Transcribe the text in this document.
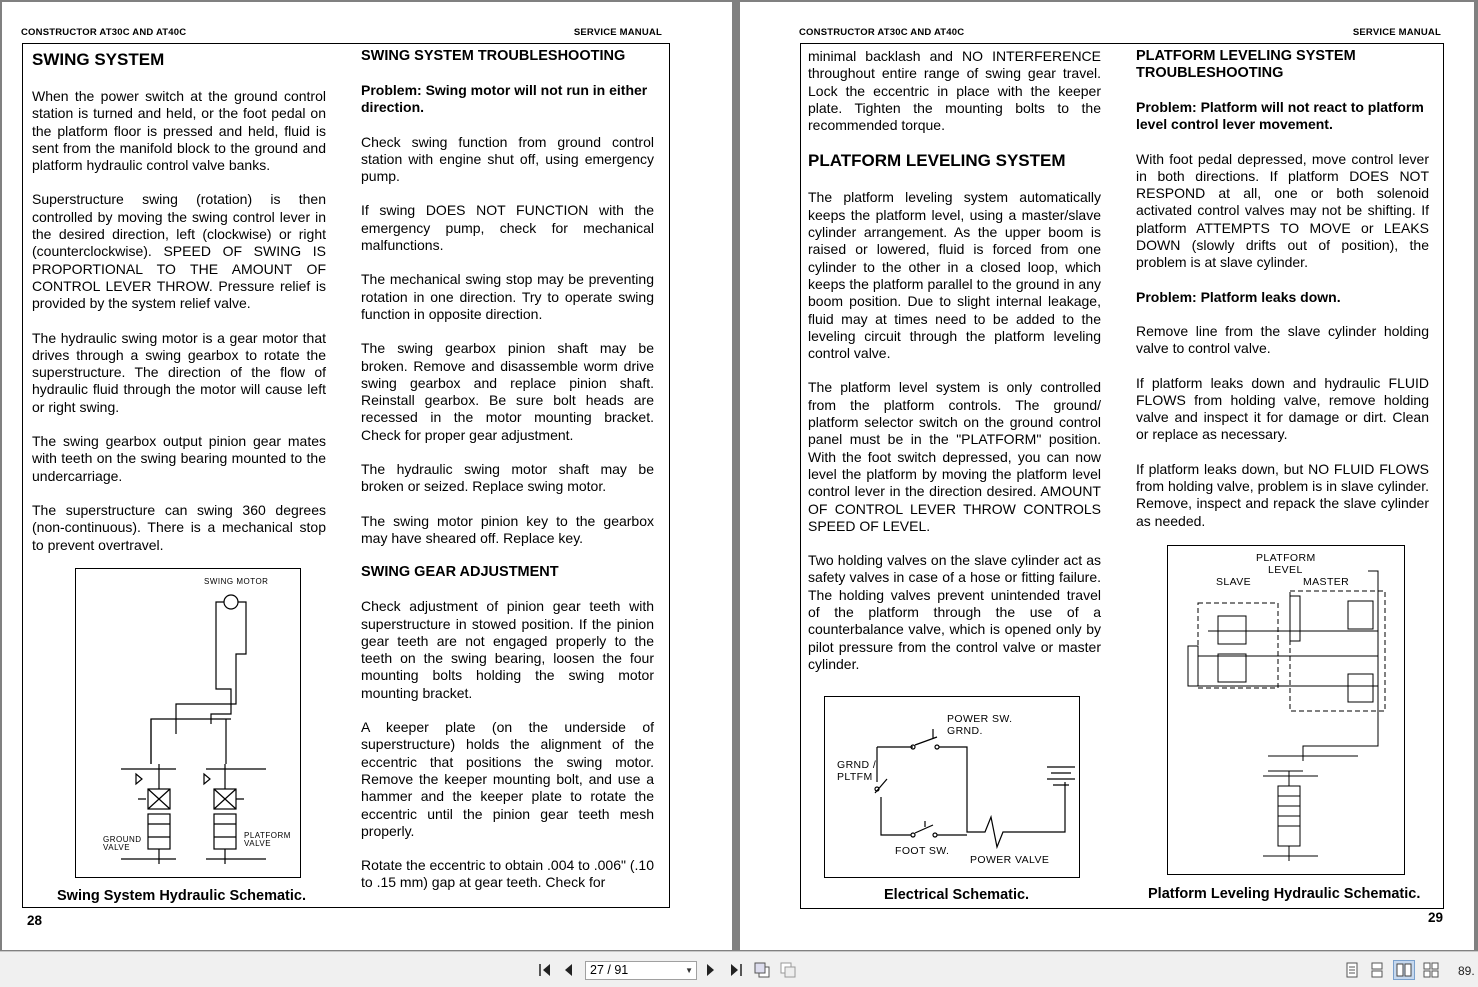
CONSTRUCTOR AT30C AND AT40C	SERVICE MANUAL
SWING SYSTEM

When the power switch at the ground control station is turned and held, or the foot pedal on the platform floor is pressed and held, fluid is sent from the manifold block to the ground and platform hydraulic control valve banks.

Superstructure swing (rotation) is then controlled by moving the swing control lever in the desired direction, left (clockwise) or right (counterclockwise). SPEED OF SWING IS PROPORTIONAL TO THE AMOUNT OF CONTROL LEVER THROW. Pressure relief is provided by the system relief valve.

The hydraulic swing motor is a gear motor that drives through a swing gearbox to rotate the superstructure. The direction of the flow of hydraulic fluid through the motor will cause left or right swing.

The swing gearbox output pinion gear mates with teeth on the swing bearing mounted to the undercarriage.

The superstructure can swing 360 degrees (non-continuous). There is a mechanical stop to prevent overtravel.

SWING MOTOR
GROUND
VALVE
PLATFORM
VALVE
Swing System Hydraulic Schematic.
SWING SYSTEM TROUBLESHOOTING
Problem: Swing motor will not run in either direction.

Check swing function from ground control station with engine shut off, using emergency pump.

If swing DOES NOT FUNCTION with the emergency pump, check for mechanical malfunctions.

The mechanical swing stop may be preventing rotation in one direction. Try to operate swing function in opposite direction.

The swing gearbox pinion shaft may be broken. Remove and disassemble worm drive swing gearbox and replace pinion shaft. Reinstall gearbox. Be sure bolt heads are recessed in the motor mounting bracket. Check for proper gear adjustment.

The hydraulic swing motor shaft may be broken or seized. Replace swing motor.

The swing motor pinion key to the gearbox may have sheared off. Replace key.

SWING GEAR ADJUSTMENT

Check adjustment of pinion gear teeth with superstructure in stowed position. If the pinion gear teeth are not engaged properly to the teeth on the swing bearing, loosen the four mounting bolts holding the swing motor mounting bracket.

A keeper plate (on the underside of superstructure) holds the alignment of the eccentric that positions the swing motor. Remove the keeper mounting bolt, and use a hammer and the keeper plate to rotate the eccentric until the pinion gear teeth mesh properly.

Rotate the eccentric to obtain .004 to .006" (.10 to .15 mm) gap at gear teeth. Check for

28
CONSTRUCTOR AT30C AND AT40C	SERVICE MANUAL

minimal backlash and NO INTERFERENCE throughout entire range of swing gear travel. Lock the eccentric in place with the keeper plate. Tighten the mounting bolts to the recommended torque.

PLATFORM LEVELING SYSTEM

The platform leveling system automatically keeps the platform level, using a master/slave cylinder arrangement. As the upper boom is raised or lowered, fluid is forced from one cylinder to the other in a closed loop, which keeps the platform parallel to the ground in any boom position. Due to slight internal leakage, fluid may at times need to be added to the leveling circuit through the platform leveling control valve.

The platform level system is only controlled from the platform controls. The ground/ platform selector switch on the ground control panel must be in the "PLATFORM" position. With the foot switch depressed, you can now level the platform by moving the platform level control lever in the direction desired. AMOUNT OF CONTROL LEVER THROW CONTROLS SPEED OF LEVEL.

Two holding valves on the slave cylinder act as safety valves in case of a hose or fitting failure. The holding valves prevent unintended travel of the platform through the use of a counterbalance valve, which is opened only by pilot pressure from the control valve or master cylinder.

POWER SW.
GRND.
GRND /
PLTFM
FOOT SW.
POWER VALVE
Electrical Schematic.
PLATFORM LEVELING SYSTEM TROUBLESHOOTING
Problem: Platform will not react to platform level control lever movement.

With foot pedal depressed, move control lever in both directions. If platform DOES NOT RESPOND at all, one or both solenoid activated control valves may not be shifting. If platform ATTEMPTS TO MOVE or LEAKS DOWN (slowly drifts out of position), the problem is at slave cylinder.

Problem: Platform leaks down.

Remove line from the slave cylinder holding valve to control valve.

If platform leaks down and hydraulic FLUID FLOWS from holding valve, remove holding valve and inspect it for damage or dirt. Clean or replace as necessary.

If platform leaks down, but NO FLUID FLOWS from holding valve, problem is in slave cylinder. Remove, inspect and repack the slave cylinder as needed.

PLATFORM
LEVEL
SLAVE	MASTER
Platform Leveling Hydraulic Schematic.
29
27 / 91	▼	89.
